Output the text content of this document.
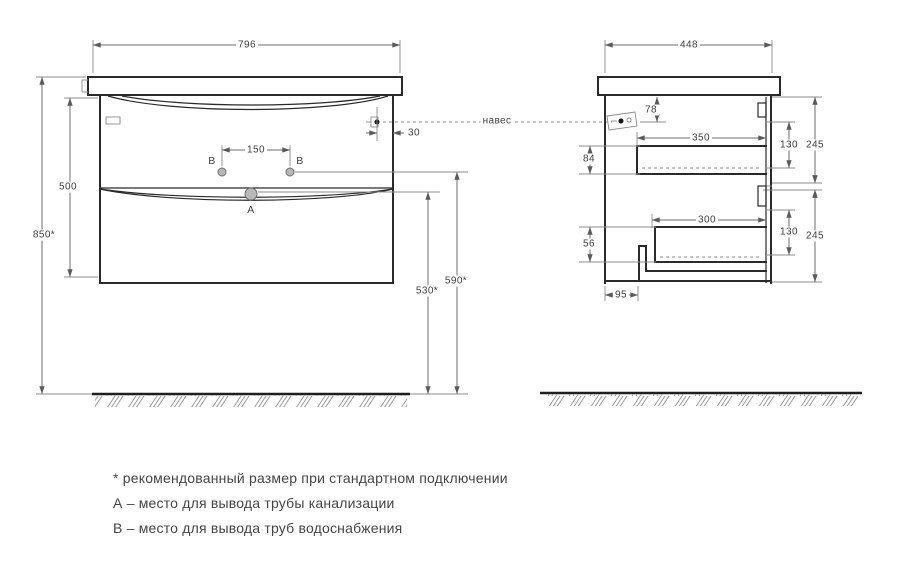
796
500
850*
150
В	В
А
30
навес
530*
590*
448
78
350
84
130 245
300
56
130 245
95
* рекомендованный размер при стандартном подключении
А – место для вывода трубы канализации
В – место для вывода труб водоснабжения
